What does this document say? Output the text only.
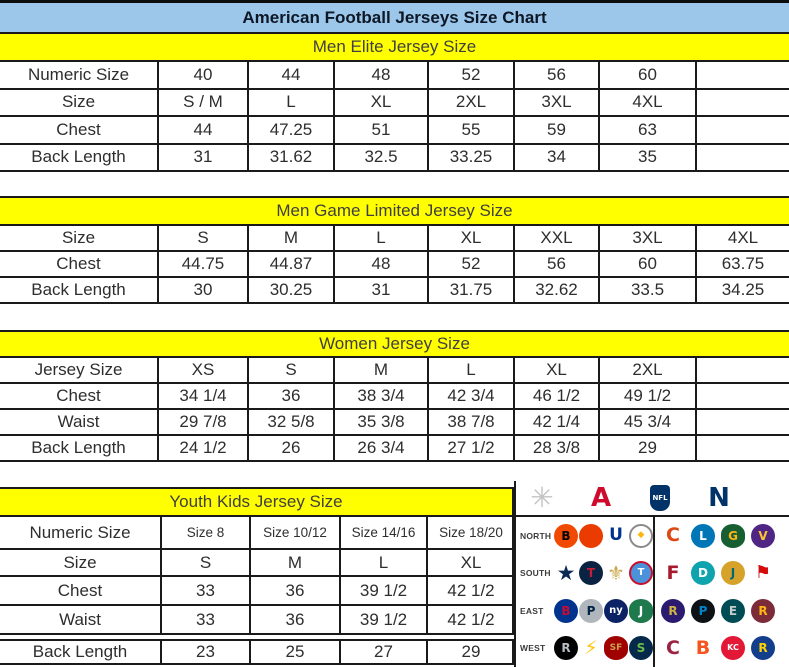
American Football Jerseys Size Chart
Men Elite Jersey Size
Numeric Size	40	44	48	52	56	60
Size	S / M	L	XL	2XL	3XL	4XL
Chest	44	47.25	51	55	59	63
Back Length	31	31.62	32.5	33.25	34	35
Men Game Limited Jersey Size
Size	S	M	L	XL	XXL	3XL	4XL
Chest	44.75	44.87	48	52	56	60	63.75
Back Length	30	30.25	31	31.75	32.62	33.5	34.25
Women Jersey Size
Jersey Size	XS	S	M	L	XL	2XL
Chest	34 1/4	36	38 3/4	42 3/4	46 1/2	49 1/2
Waist	29 7/8	32 5/8	35 3/8	38 7/8	42 1/4	45 3/4
Back Length	24 1/2	26	26 3/4	27 1/2	28 3/8	29
Youth Kids Jersey Size
Numeric Size	Size 8	Size 10/12	Size 14/16	Size 18/20
Size	S	M	L	XL
Chest	33	36	39 1/2	42 1/2
Waist	33	36	39 1/2	42 1/2
Back Length	23	25	27	29
✳ A	NFL N
NORTH B	U	◆	C	L	G	V
SOUTH ★ T ⚜	T	F	D	J	⚑
EAST	B	P	ny	J	R	P	E	R
WEST	R ⚡	SF	S	C B	KC	R
